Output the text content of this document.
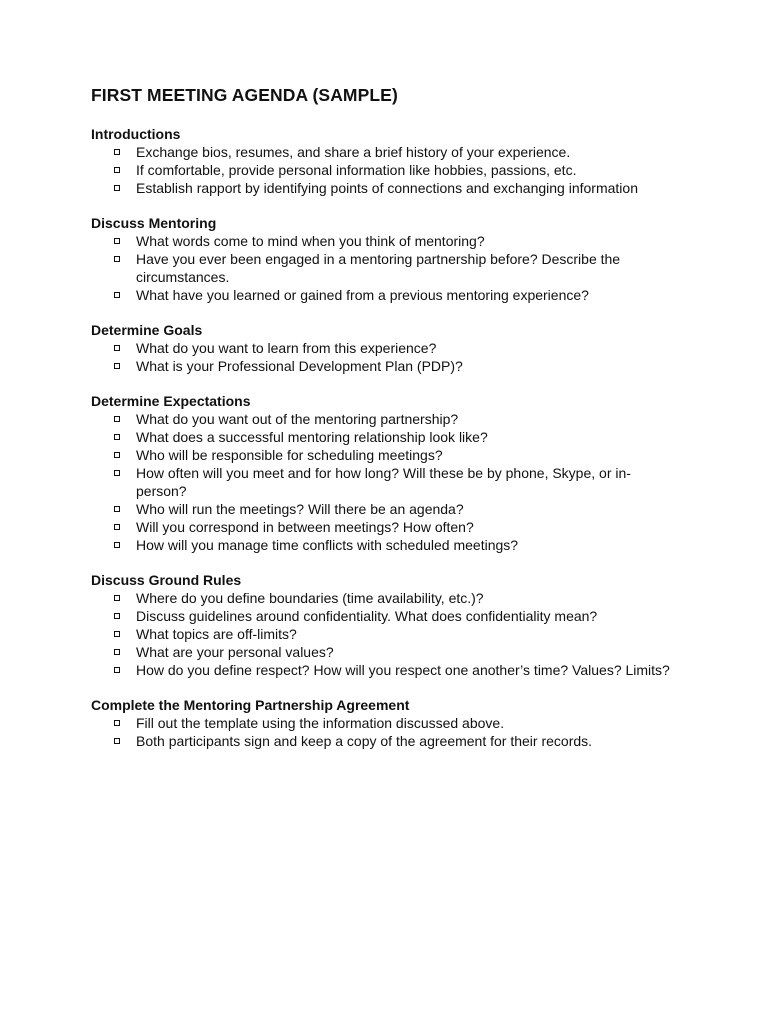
FIRST MEETING AGENDA (SAMPLE)
Introductions
Exchange bios, resumes, and share a brief history of your experience.
If comfortable, provide personal information like hobbies, passions, etc.
Establish rapport by identifying points of connections and exchanging information
Discuss Mentoring
What words come to mind when you think of mentoring?
Have you ever been engaged in a mentoring partnership before? Describe the circumstances.
What have you learned or gained from a previous mentoring experience?
Determine Goals
What do you want to learn from this experience?
What is your Professional Development Plan (PDP)?
Determine Expectations
What do you want out of the mentoring partnership?
What does a successful mentoring relationship look like?
Who will be responsible for scheduling meetings?
How often will you meet and for how long? Will these be by phone, Skype, or in-person?
Who will run the meetings? Will there be an agenda?
Will you correspond in between meetings? How often?
How will you manage time conflicts with scheduled meetings?
Discuss Ground Rules
Where do you define boundaries (time availability, etc.)?
Discuss guidelines around confidentiality. What does confidentiality mean?
What topics are off-limits?
What are your personal values?
How do you define respect? How will you respect one another’s time? Values? Limits?
Complete the Mentoring Partnership Agreement
Fill out the template using the information discussed above.
Both participants sign and keep a copy of the agreement for their records.
